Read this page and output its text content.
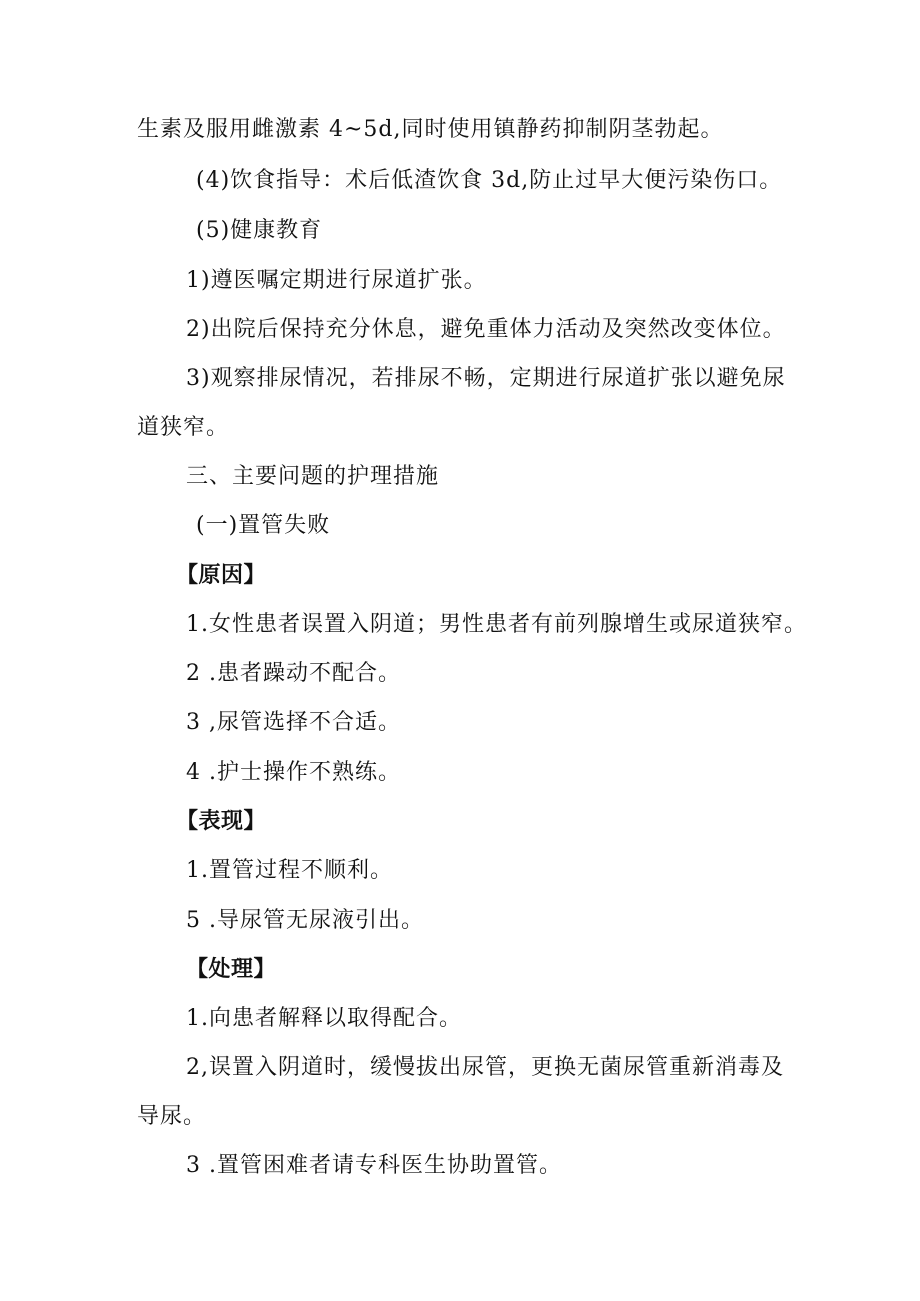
生素及服用雌激素 4~5d,同时使用镇静药抑制阴茎勃起。
(4)饮食指导：术后低渣饮食 3d,防止过早大便污染伤口。
(5)健康教育
1)遵医嘱定期进行尿道扩张。
2)出院后保持充分休息，避免重体力活动及突然改变体位。
3)观察排尿情况，若排尿不畅，定期进行尿道扩张以避免尿
道狭窄。
三、主要问题的护理措施
(一)置管失败
【原因】
1.女性患者误置入阴道；男性患者有前列腺增生或尿道狭窄。
2 .患者躁动不配合。
3 ,尿管选择不合适。
4 .护士操作不熟练。
【表现】
1.置管过程不顺利。
5 .导尿管无尿液引出。
【处理】
1.向患者解释以取得配合。
2,误置入阴道时，缓慢拔出尿管，更换无菌尿管重新消毒及
导尿。
3 .置管困难者请专科医生协助置管。
